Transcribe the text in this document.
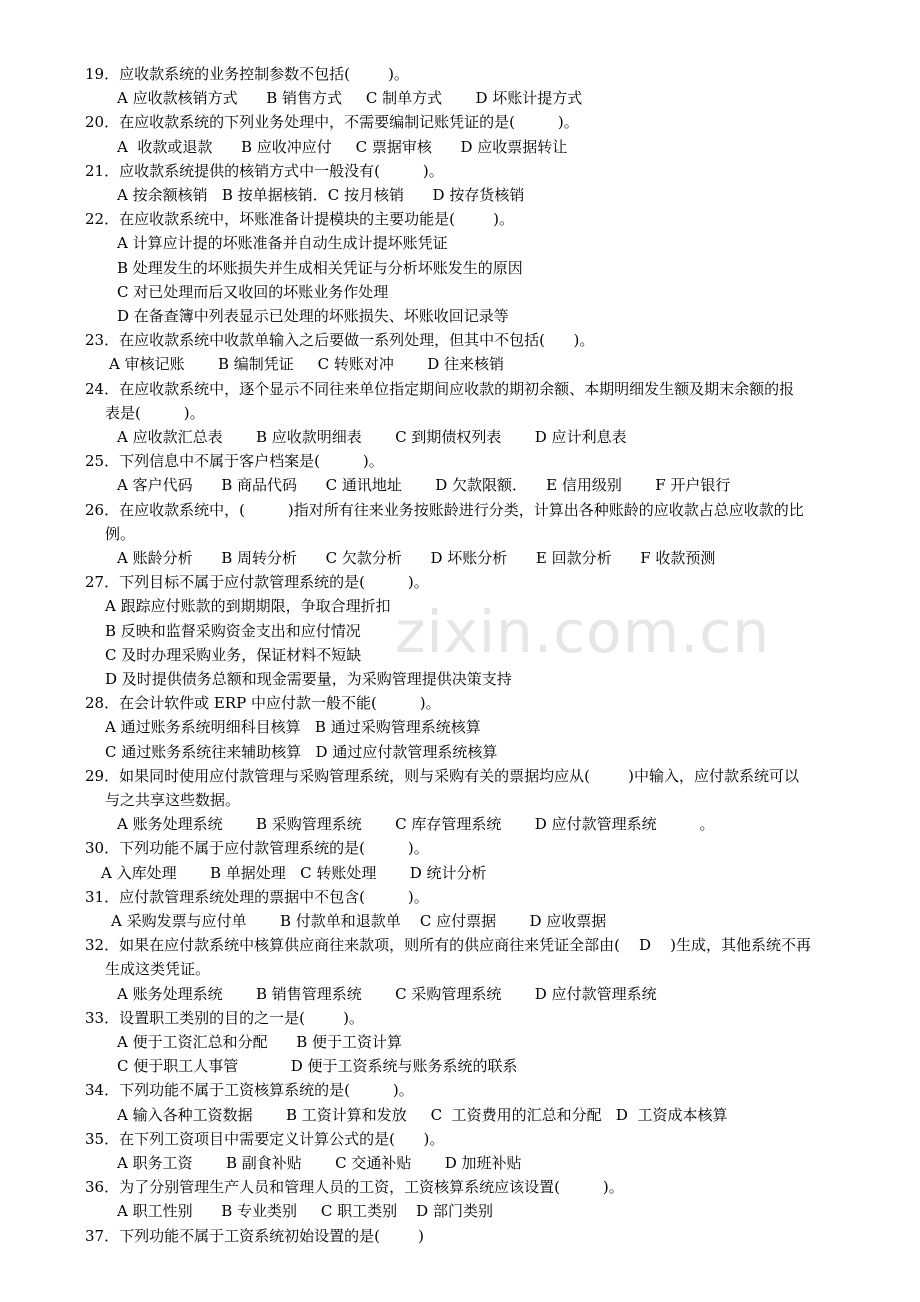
zixin.com.cn
19．应收款系统的业务控制参数不包括(        )。
A 应收款核销方式      B 销售方式     C 制单方式       D 坏账计提方式
20．在应收款系统的下列业务处理中，不需要编制记账凭证的是(         )。
A  收款或退款      B 应收冲应付     C 票据审核      D 应收票据转让
21．应收款系统提供的核销方式中一般没有(         )。
A 按余额核销   B 按单据核销．C 按月核销      D 按存货核销
22．在应收款系统中，坏账准备计提模块的主要功能是(        )。
A 计算应计提的坏账准备并自动生成计提坏账凭证
B 处理发生的坏账损失并生成相关凭证与分析坏账发生的原因
C 对已处理而后又收回的坏账业务作处理
D 在备查簿中列表显示已处理的坏账损失、坏账收回记录等
23．在应收款系统中收款单输入之后要做一系列处理，但其中不包括(      )。
A 审核记账       B 编制凭证     C 转账对冲       D 往来核销
24．在应收款系统中，逐个显示不同往来单位指定期间应收款的期初余额、本期明细发生额及期末余额的报
表是(         )。
A 应收款汇总表       B 应收款明细表       C 到期债权列表       D 应计利息表
25．下列信息中不属于客户档案是(         )。
A 客户代码      B 商品代码      C 通讯地址       D 欠款限额．    E 信用级别       F 开户银行
26．在应收款系统中，(         )指对所有往来业务按账龄进行分类，计算出各种账龄的应收款占总应收款的比
例。
A 账龄分析      B 周转分析      C 欠款分析      D 坏账分析      E 回款分析      F 收款预测
27．下列目标不属于应付款管理系统的是(         )。
A 跟踪应付账款的到期期限，争取合理折扣
B 反映和监督采购资金支出和应付情况
C 及时办理采购业务，保证材料不短缺
D 及时提供债务总额和现金需要量，为采购管理提供决策支持
28．在会计软件或 ERP 中应付款一般不能(         )。
A 通过账务系统明细科目核算   B 通过采购管理系统核算
C 通过账务系统往来辅助核算   D 通过应付款管理系统核算
29．如果同时使用应付款管理与采购管理系统，则与采购有关的票据均应从(        )中输入，应付款系统可以
与之共享这些数据。
A 账务处理系统       B 采购管理系统       C 库存管理系统       D 应付款管理系统         。
30．下列功能不属于应付款管理系统的是(         )。
A 入库处理       B 单据处理   C 转账处理       D 统计分析
31．应付款管理系统处理的票据中不包含(         )。
A 采购发票与应付单       B 付款单和退款单    C 应付票据       D 应收票据
32．如果在应付款系统中核算供应商往来款项，则所有的供应商往来凭证全部由(    D    )生成，其他系统不再
生成这类凭证。
A 账务处理系统       B 销售管理系统       C 采购管理系统       D 应付款管理系统
33．设置职工类别的目的之一是(        )。
A 便于工资汇总和分配      B 便于工资计算
C 便于职工人事管           D 便于工资系统与账务系统的联系
34．下列功能不属于工资核算系统的是(         )。
A 输入各种工资数据       B 工资计算和发放     C  工资费用的汇总和分配   D  工资成本核算
35．在下列工资项目中需要定义计算公式的是(      )。
A 职务工资       B 副食补贴       C 交通补贴       D 加班补贴
36．为了分别管理生产人员和管理人员的工资，工资核算系统应该设置(         )。
A 职工性别      B 专业类别     C 职工类别    D 部门类别
37．下列功能不属于工资系统初始设置的是(        )
